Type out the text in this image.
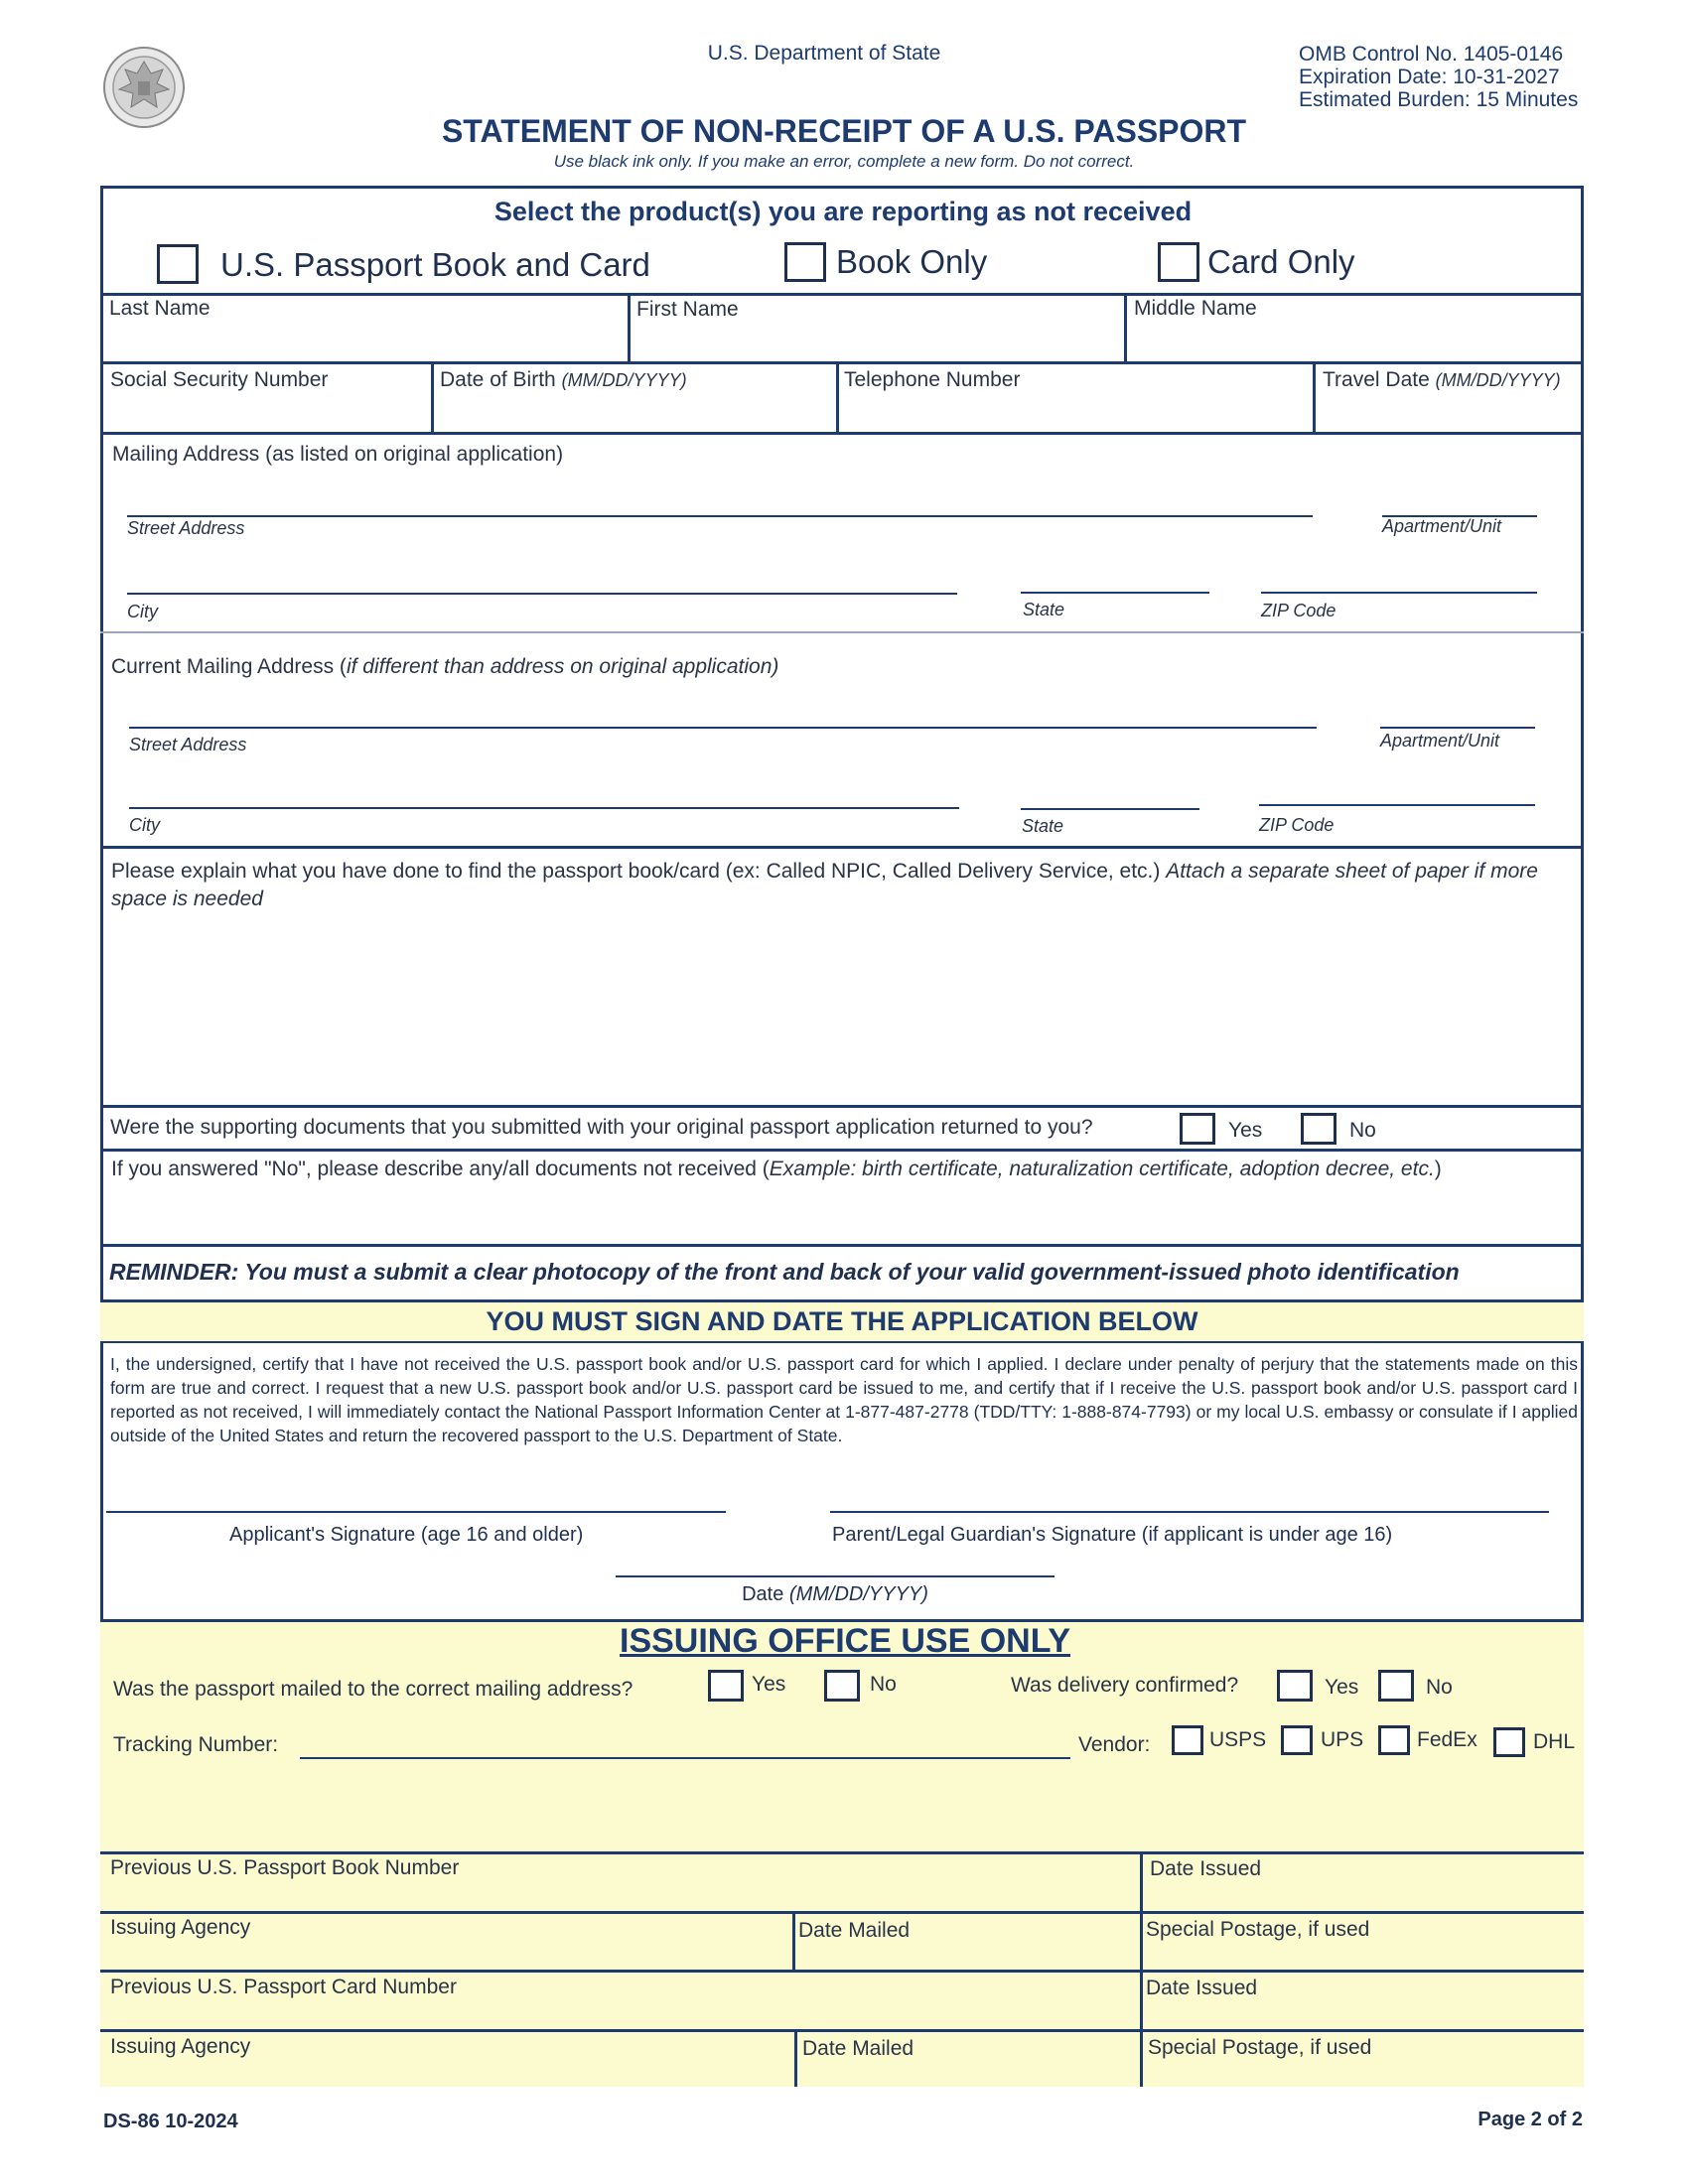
U.S. Department of State	OMB Control No. 1405-0146
Expiration Date: 10-31-2027
Estimated Burden: 15 Minutes
STATEMENT OF NON-RECEIPT OF A U.S. PASSPORT
Use black ink only. If you make an error, complete a new form. Do not correct.
Select the product(s) you are reporting as not received
U.S. Passport Book and Card	Book Only	Card Only
Last Name	First Name	Middle Name
Social Security Number	Date of Birth (MM/DD/YYYY)	Telephone Number	Travel Date (MM/DD/YYYY)
Mailing Address (as listed on original application)
Street Address	Apartment/Unit
City	State	ZIP Code
Current Mailing Address (if different than address on original application)
Street Address	Apartment/Unit
City	State	ZIP Code
Please explain what you have done to find the passport book/card (ex: Called NPIC, Called Delivery Service, etc.) Attach a separate sheet of paper if more space is needed
Were the supporting documents that you submitted with your original passport application returned to you?	Yes	No
If you answered "No", please describe any/all documents not received (Example: birth certificate, naturalization certificate, adoption decree, etc.)
REMINDER: You must a submit a clear photocopy of the front and back of your valid government-issued photo identification
YOU MUST SIGN AND DATE THE APPLICATION BELOW
I, the undersigned, certify that I have not received the U.S. passport book and/or U.S. passport card for which I applied. I declare under penalty of perjury that the statements made on this form are true and correct. I request that a new U.S. passport book and/or U.S. passport card be issued to me, and certify that if I receive the U.S. passport book and/or U.S. passport card I reported as not received, I will immediately contact the National Passport Information Center at 1-877-487-2778 (TDD/TTY: 1-888-874-7793) or my local U.S. embassy or consulate if I applied outside of the United States and return the recovered passport to the U.S. Department of State.
Applicant's Signature (age 16 and older)	Parent/Legal Guardian's Signature (if applicant is under age 16)
Date (MM/DD/YYYY)
ISSUING OFFICE USE ONLY
Was the passport mailed to the correct mailing address?	Yes	No	Was delivery confirmed?	Yes	No
Tracking Number:	Vendor:	USPS	UPS	FedEx	DHL
Previous U.S. Passport Book Number	Date Issued
Issuing Agency	Date Mailed	Special Postage, if used
Previous U.S. Passport Card Number	Date Issued
Issuing Agency	Date Mailed	Special Postage, if used
DS-86 10-2024	Page 2 of 2
